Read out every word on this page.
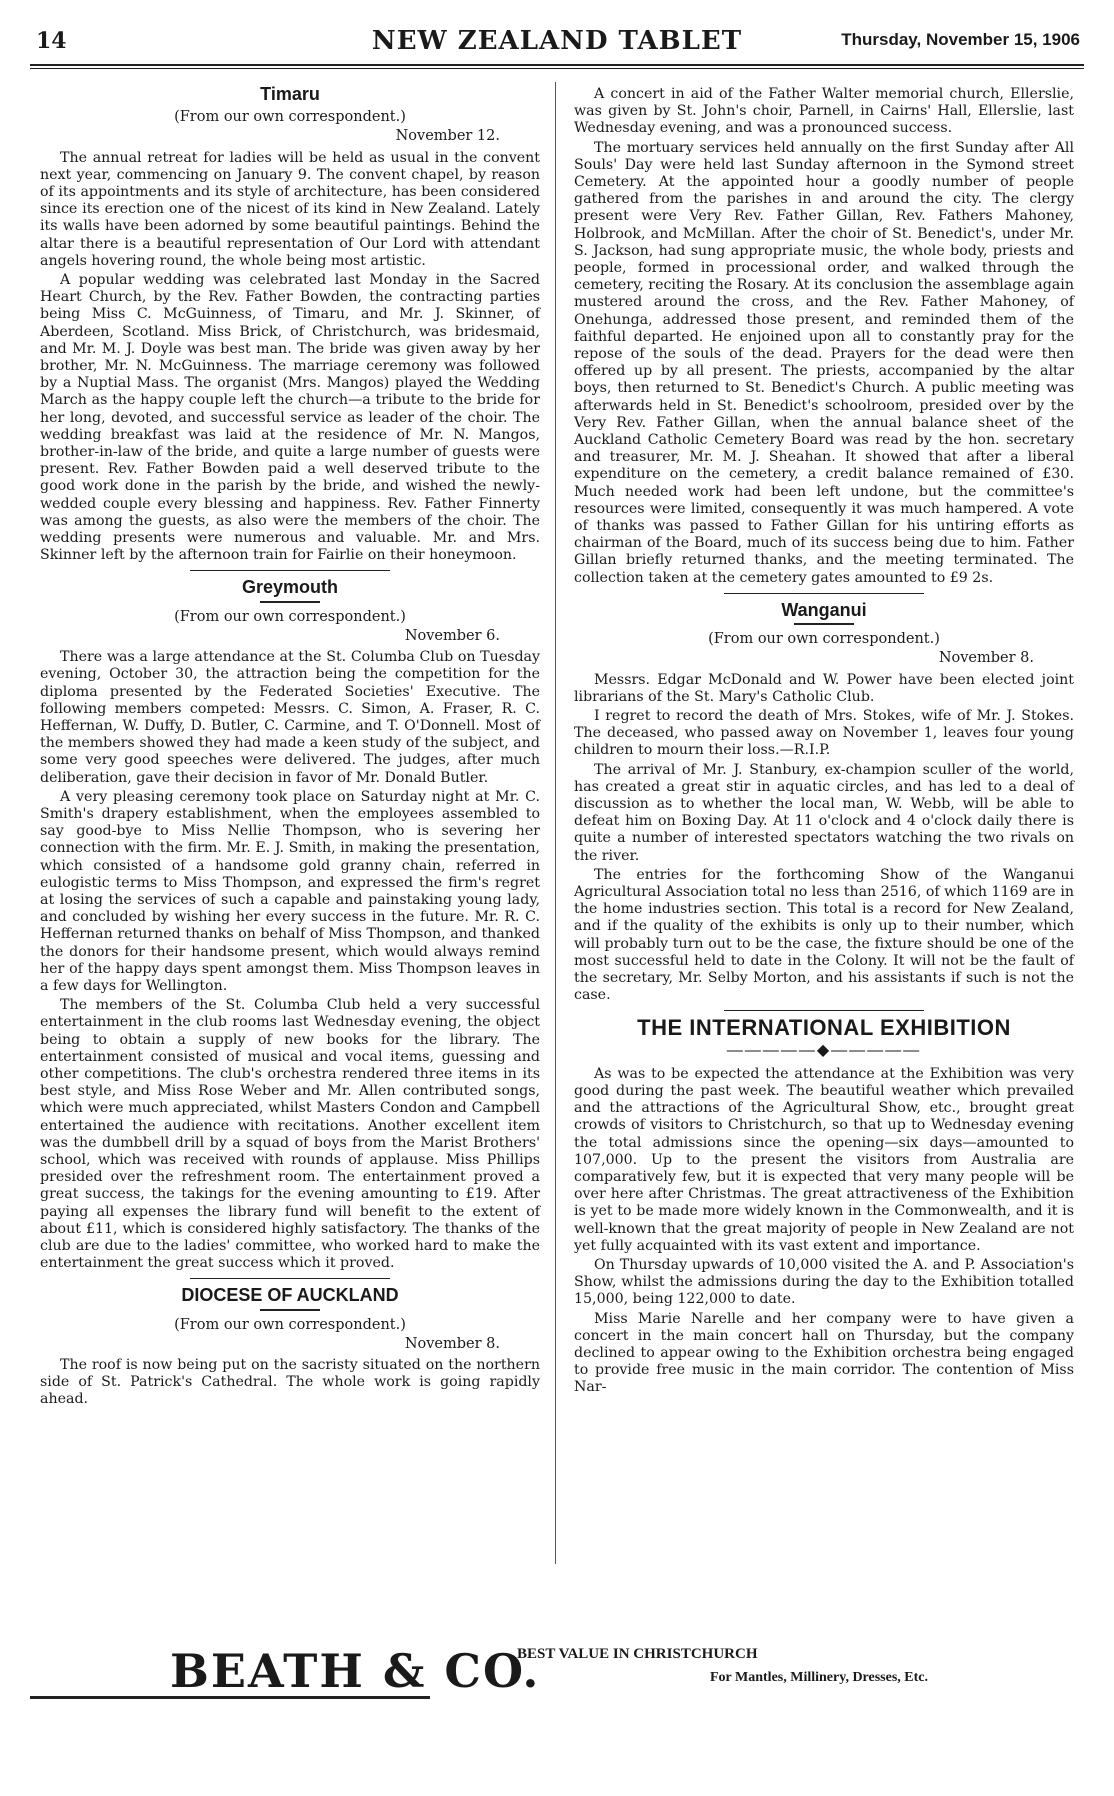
14	NEW ZEALAND TABLET	Thursday, November 15, 1906
Timaru
(From our own correspondent.)
November 12.

The annual retreat for ladies will be held as usual in the convent next year, commencing on January 9. The convent chapel, by reason of its appointments and its style of architecture, has been considered since its erection one of the nicest of its kind in New Zealand. Lately its walls have been adorned by some beautiful paintings. Behind the altar there is a beautiful representation of Our Lord with attendant angels hovering round, the whole being most artistic.

A popular wedding was celebrated last Monday in the Sacred Heart Church, by the Rev. Father Bowden, the contracting parties being Miss C. McGuinness, of Timaru, and Mr. J. Skinner, of Aberdeen, Scotland. Miss Brick, of Christchurch, was bridesmaid, and Mr. M. J. Doyle was best man. The bride was given away by her brother, Mr. N. McGuinness. The marriage ceremony was followed by a Nuptial Mass. The organist (Mrs. Mangos) played the Wedding March as the happy couple left the church—a tribute to the bride for her long, devoted, and successful service as leader of the choir. The wedding breakfast was laid at the residence of Mr. N. Mangos, brother-in-law of the bride, and quite a large number of guests were present. Rev. Father Bowden paid a well deserved tribute to the good work done in the parish by the bride, and wished the newly-wedded couple every blessing and happiness. Rev. Father Finnerty was among the guests, as also were the members of the choir. The wedding presents were numerous and valuable. Mr. and Mrs. Skinner left by the afternoon train for Fairlie on their honeymoon.

Greymouth
(From our own correspondent.)
November 6.

There was a large attendance at the St. Columba Club on Tuesday evening, October 30, the attraction being the competition for the diploma presented by the Federated Societies' Executive. The following members competed: Messrs. C. Simon, A. Fraser, R. C. Heffernan, W. Duffy, D. Butler, C. Carmine, and T. O'Donnell. Most of the members showed they had made a keen study of the subject, and some very good speeches were delivered. The judges, after much deliberation, gave their decision in favor of Mr. Donald Butler.

A very pleasing ceremony took place on Saturday night at Mr. C. Smith's drapery establishment, when the employees assembled to say good-bye to Miss Nellie Thompson, who is severing her connection with the firm. Mr. E. J. Smith, in making the presentation, which consisted of a handsome gold granny chain, referred in eulogistic terms to Miss Thompson, and expressed the firm's regret at losing the services of such a capable and painstaking young lady, and concluded by wishing her every success in the future. Mr. R. C. Heffernan returned thanks on behalf of Miss Thompson, and thanked the donors for their handsome present, which would always remind her of the happy days spent amongst them. Miss Thompson leaves in a few days for Wellington.

The members of the St. Columba Club held a very successful entertainment in the club rooms last Wednesday evening, the object being to obtain a supply of new books for the library. The entertainment consisted of musical and vocal items, guessing and other competitions. The club's orchestra rendered three items in its best style, and Miss Rose Weber and Mr. Allen contributed songs, which were much appreciated, whilst Masters Condon and Campbell entertained the audience with recitations. Another excellent item was the dumbbell drill by a squad of boys from the Marist Brothers' school, which was received with rounds of applause. Miss Phillips presided over the refreshment room. The entertainment proved a great success, the takings for the evening amounting to £19. After paying all expenses the library fund will benefit to the extent of about £11, which is considered highly satisfactory. The thanks of the club are due to the ladies' committee, who worked hard to make the entertainment the great success which it proved.

DIOCESE OF AUCKLAND
(From our own correspondent.)
November 8.

The roof is now being put on the sacristy situated on the northern side of St. Patrick's Cathedral. The whole work is going rapidly ahead.

A concert in aid of the Father Walter memorial church, Ellerslie, was given by St. John's choir, Parnell, in Cairns' Hall, Ellerslie, last Wednesday evening, and was a pronounced success.

The mortuary services held annually on the first Sunday after All Souls' Day were held last Sunday afternoon in the Symond street Cemetery. At the appointed hour a goodly number of people gathered from the parishes in and around the city. The clergy present were Very Rev. Father Gillan, Rev. Fathers Mahoney, Holbrook, and McMillan. After the choir of St. Benedict's, under Mr. S. Jackson, had sung appropriate music, the whole body, priests and people, formed in processional order, and walked through the cemetery, reciting the Rosary. At its conclusion the assemblage again mustered around the cross, and the Rev. Father Mahoney, of Onehunga, addressed those present, and reminded them of the faithful departed. He enjoined upon all to constantly pray for the repose of the souls of the dead. Prayers for the dead were then offered up by all present. The priests, accompanied by the altar boys, then returned to St. Benedict's Church. A public meeting was afterwards held in St. Benedict's schoolroom, presided over by the Very Rev. Father Gillan, when the annual balance sheet of the Auckland Catholic Cemetery Board was read by the hon. secretary and treasurer, Mr. M. J. Sheahan. It showed that after a liberal expenditure on the cemetery, a credit balance remained of £30. Much needed work had been left undone, but the committee's resources were limited, consequently it was much hampered. A vote of thanks was passed to Father Gillan for his untiring efforts as chairman of the Board, much of its success being due to him. Father Gillan briefly returned thanks, and the meeting terminated. The collection taken at the cemetery gates amounted to £9 2s.

Wanganui
(From our own correspondent.)
November 8.

Messrs. Edgar McDonald and W. Power have been elected joint librarians of the St. Mary's Catholic Club.

I regret to record the death of Mrs. Stokes, wife of Mr. J. Stokes. The deceased, who passed away on November 1, leaves four young children to mourn their loss.—R.I.P.

The arrival of Mr. J. Stanbury, ex-champion sculler of the world, has created a great stir in aquatic circles, and has led to a deal of discussion as to whether the local man, W. Webb, will be able to defeat him on Boxing Day. At 11 o'clock and 4 o'clock daily there is quite a number of interested spectators watching the two rivals on the river.

The entries for the forthcoming Show of the Wanganui Agricultural Association total no less than 2516, of which 1169 are in the home industries section. This total is a record for New Zealand, and if the quality of the exhibits is only up to their number, which will probably turn out to be the case, the fixture should be one of the most successful held to date in the Colony. It will not be the fault of the secretary, Mr. Selby Morton, and his assistants if such is not the case.

THE INTERNATIONAL EXHIBITION
―――――◆―――――

As was to be expected the attendance at the Exhibition was very good during the past week. The beautiful weather which prevailed and the attractions of the Agricultural Show, etc., brought great crowds of visitors to Christchurch, so that up to Wednesday evening the total admissions since the opening—six days—amounted to 107,000. Up to the present the visitors from Australia are comparatively few, but it is expected that very many people will be over here after Christmas. The great attractiveness of the Exhibition is yet to be made more widely known in the Commonwealth, and it is well-known that the great majority of people in New Zealand are not yet fully acquainted with its vast extent and importance.

On Thursday upwards of 10,000 visited the A. and P. Association's Show, whilst the admissions during the day to the Exhibition totalled 15,000, being 122,000 to date.

Miss Marie Narelle and her company were to have given a concert in the main concert hall on Thursday, but the company declined to appear owing to the Exhibition orchestra being engaged to provide free music in the main corridor. The contention of Miss Nar-

BEATH & CO.
BEST VALUE IN CHRISTCHURCH
For Mantles, Millinery, Dresses, Etc.
